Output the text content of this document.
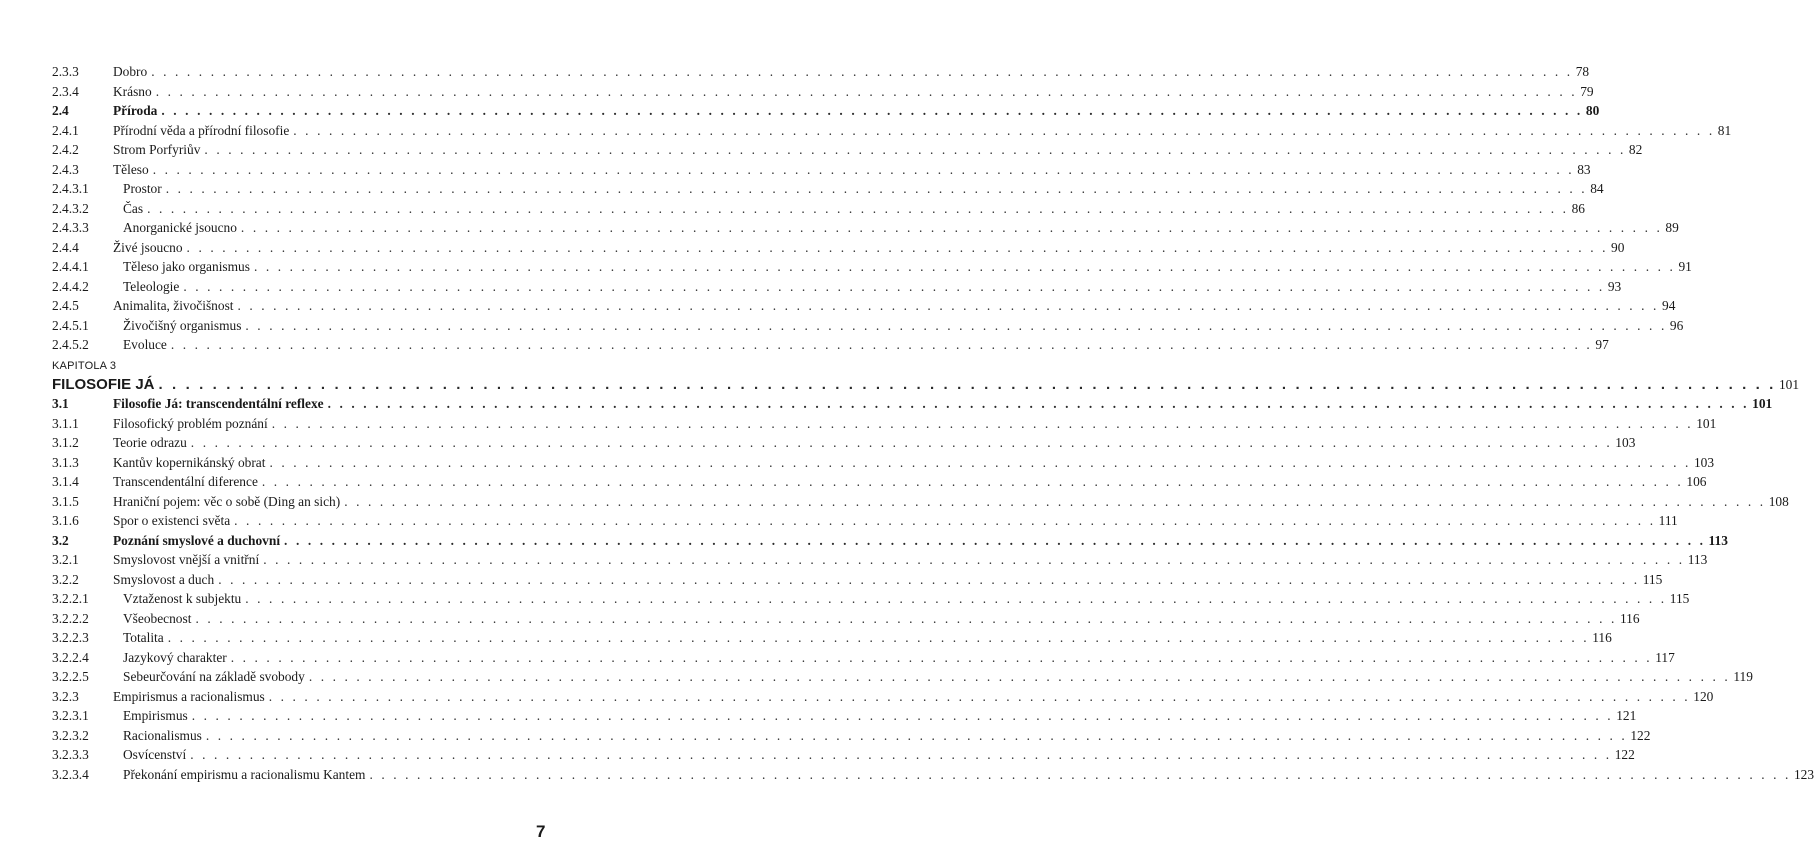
2.3.3	Dobro . . . . . . . . . . . . . . . . . . . . . . . . . . . . . . . . . . . . . . . . . . . . . . . . . . . . . . . . . . . . . . . . . . . . . . . . . . . . . . . . . . . . . . . . . . . . . . . . . . . . . . . . . . . . . . . . . . . . . . . . 78
2.3.4	Krásno . . . . . . . . . . . . . . . . . . . . . . . . . . . . . . . . . . . . . . . . . . . . . . . . . . . . . . . . . . . . . . . . . . . . . . . . . . . . . . . . . . . . . . . . . . . . . . . . . . . . . . . . . . . . . . . . . . . . . . . . 79
2.4	Příroda . . . . . . . . . . . . . . . . . . . . . . . . . . . . . . . . . . . . . . . . . . . . . . . . . . . . . . . . . . . . . . . . . . . . . . . . . . . . . . . . . . . . . . . . . . . . . . . . . . . . . . . . . . . . . . . . . . . . . . . . 80
2.4.1	Přírodní věda a přírodní filosofie . . . . . . . . . . . . . . . . . . . . . . . . . . . . . . . . . . . . . . . . . . . . . . . . . . . . . . . . . . . . . . . . . . . . . . . . . . . . . . . . . . . . . . . . . . . . . . . . . . . . . . . . . . . . . . . . . . . . . . . . 81
2.4.2	Strom Porfyriův . . . . . . . . . . . . . . . . . . . . . . . . . . . . . . . . . . . . . . . . . . . . . . . . . . . . . . . . . . . . . . . . . . . . . . . . . . . . . . . . . . . . . . . . . . . . . . . . . . . . . . . . . . . . . . . . . . . . . . . . 82
2.4.3	Těleso . . . . . . . . . . . . . . . . . . . . . . . . . . . . . . . . . . . . . . . . . . . . . . . . . . . . . . . . . . . . . . . . . . . . . . . . . . . . . . . . . . . . . . . . . . . . . . . . . . . . . . . . . . . . . . . . . . . . . . . . 83
2.4.3.1	Prostor . . . . . . . . . . . . . . . . . . . . . . . . . . . . . . . . . . . . . . . . . . . . . . . . . . . . . . . . . . . . . . . . . . . . . . . . . . . . . . . . . . . . . . . . . . . . . . . . . . . . . . . . . . . . . . . . . . . . . . . . 84
2.4.3.2	Čas . . . . . . . . . . . . . . . . . . . . . . . . . . . . . . . . . . . . . . . . . . . . . . . . . . . . . . . . . . . . . . . . . . . . . . . . . . . . . . . . . . . . . . . . . . . . . . . . . . . . . . . . . . . . . . . . . . . . . . . . 86
2.4.3.3	Anorganické jsoucno . . . . . . . . . . . . . . . . . . . . . . . . . . . . . . . . . . . . . . . . . . . . . . . . . . . . . . . . . . . . . . . . . . . . . . . . . . . . . . . . . . . . . . . . . . . . . . . . . . . . . . . . . . . . . . . . . . . . . . . . 89
2.4.4	Živé jsoucno . . . . . . . . . . . . . . . . . . . . . . . . . . . . . . . . . . . . . . . . . . . . . . . . . . . . . . . . . . . . . . . . . . . . . . . . . . . . . . . . . . . . . . . . . . . . . . . . . . . . . . . . . . . . . . . . . . . . . . . . 90
2.4.4.1	Těleso jako organismus . . . . . . . . . . . . . . . . . . . . . . . . . . . . . . . . . . . . . . . . . . . . . . . . . . . . . . . . . . . . . . . . . . . . . . . . . . . . . . . . . . . . . . . . . . . . . . . . . . . . . . . . . . . . . . . . . . . . . . . . 91
2.4.4.2	Teleologie . . . . . . . . . . . . . . . . . . . . . . . . . . . . . . . . . . . . . . . . . . . . . . . . . . . . . . . . . . . . . . . . . . . . . . . . . . . . . . . . . . . . . . . . . . . . . . . . . . . . . . . . . . . . . . . . . . . . . . . . 93
2.4.5	Animalita, živočišnost . . . . . . . . . . . . . . . . . . . . . . . . . . . . . . . . . . . . . . . . . . . . . . . . . . . . . . . . . . . . . . . . . . . . . . . . . . . . . . . . . . . . . . . . . . . . . . . . . . . . . . . . . . . . . . . . . . . . . . . . 94
2.4.5.1	Živočišný organismus . . . . . . . . . . . . . . . . . . . . . . . . . . . . . . . . . . . . . . . . . . . . . . . . . . . . . . . . . . . . . . . . . . . . . . . . . . . . . . . . . . . . . . . . . . . . . . . . . . . . . . . . . . . . . . . . . . . . . . . . 96
2.4.5.2	Evoluce . . . . . . . . . . . . . . . . . . . . . . . . . . . . . . . . . . . . . . . . . . . . . . . . . . . . . . . . . . . . . . . . . . . . . . . . . . . . . . . . . . . . . . . . . . . . . . . . . . . . . . . . . . . . . . . . . . . . . . . . 97
FILOSOFIE JÁ . . . . . . . . . . . . . . . . . . . . . . . . . . . . . . . . . . . . . . . . . . . . . . . . . . . . . . . . . . . . . . . . . . . . . . . . . . . . . . . . . . . . . . . . . . . . . . . . . . . . . . . . . . . . . . . . . . . . . . . . 101
3.1	Filosofie Já: transcendentální reflexe . . . . . . . . . . . . . . . . . . . . . . . . . . . . . . . . . . . . . . . . . . . . . . . . . . . . . . . . . . . . . . . . . . . . . . . . . . . . . . . . . . . . . . . . . . . . . . . . . . . . . . . . . . . . . . . . . . . . . . . . 101
3.1.1	Filosofický problém poznání . . . . . . . . . . . . . . . . . . . . . . . . . . . . . . . . . . . . . . . . . . . . . . . . . . . . . . . . . . . . . . . . . . . . . . . . . . . . . . . . . . . . . . . . . . . . . . . . . . . . . . . . . . . . . . . . . . . . . . . . 101
3.1.2	Teorie odrazu . . . . . . . . . . . . . . . . . . . . . . . . . . . . . . . . . . . . . . . . . . . . . . . . . . . . . . . . . . . . . . . . . . . . . . . . . . . . . . . . . . . . . . . . . . . . . . . . . . . . . . . . . . . . . . . . . . . . . . . . 103
3.1.3	Kantův kopernikánský obrat . . . . . . . . . . . . . . . . . . . . . . . . . . . . . . . . . . . . . . . . . . . . . . . . . . . . . . . . . . . . . . . . . . . . . . . . . . . . . . . . . . . . . . . . . . . . . . . . . . . . . . . . . . . . . . . . . . . . . . . . 103
3.1.4	Transcendentální diference . . . . . . . . . . . . . . . . . . . . . . . . . . . . . . . . . . . . . . . . . . . . . . . . . . . . . . . . . . . . . . . . . . . . . . . . . . . . . . . . . . . . . . . . . . . . . . . . . . . . . . . . . . . . . . . . . . . . . . . . 106
3.1.5	Hraniční pojem: věc o sobě (Ding an sich) . . . . . . . . . . . . . . . . . . . . . . . . . . . . . . . . . . . . . . . . . . . . . . . . . . . . . . . . . . . . . . . . . . . . . . . . . . . . . . . . . . . . . . . . . . . . . . . . . . . . . . . . . . . . . . . . . . . . . . . . 108
3.1.6	Spor o existenci světa . . . . . . . . . . . . . . . . . . . . . . . . . . . . . . . . . . . . . . . . . . . . . . . . . . . . . . . . . . . . . . . . . . . . . . . . . . . . . . . . . . . . . . . . . . . . . . . . . . . . . . . . . . . . . . . . . . . . . . . . 111
3.2	Poznání smyslové a duchovní . . . . . . . . . . . . . . . . . . . . . . . . . . . . . . . . . . . . . . . . . . . . . . . . . . . . . . . . . . . . . . . . . . . . . . . . . . . . . . . . . . . . . . . . . . . . . . . . . . . . . . . . . . . . . . . . . . . . . . . . 113
3.2.1	Smyslovost vnější a vnitřní . . . . . . . . . . . . . . . . . . . . . . . . . . . . . . . . . . . . . . . . . . . . . . . . . . . . . . . . . . . . . . . . . . . . . . . . . . . . . . . . . . . . . . . . . . . . . . . . . . . . . . . . . . . . . . . . . . . . . . . . 113
3.2.2	Smyslovost a duch . . . . . . . . . . . . . . . . . . . . . . . . . . . . . . . . . . . . . . . . . . . . . . . . . . . . . . . . . . . . . . . . . . . . . . . . . . . . . . . . . . . . . . . . . . . . . . . . . . . . . . . . . . . . . . . . . . . . . . . . 115
3.2.2.1	Vztaženost k subjektu . . . . . . . . . . . . . . . . . . . . . . . . . . . . . . . . . . . . . . . . . . . . . . . . . . . . . . . . . . . . . . . . . . . . . . . . . . . . . . . . . . . . . . . . . . . . . . . . . . . . . . . . . . . . . . . . . . . . . . . . 115
3.2.2.2	Všeobecnost . . . . . . . . . . . . . . . . . . . . . . . . . . . . . . . . . . . . . . . . . . . . . . . . . . . . . . . . . . . . . . . . . . . . . . . . . . . . . . . . . . . . . . . . . . . . . . . . . . . . . . . . . . . . . . . . . . . . . . . . 116
3.2.2.3	Totalita . . . . . . . . . . . . . . . . . . . . . . . . . . . . . . . . . . . . . . . . . . . . . . . . . . . . . . . . . . . . . . . . . . . . . . . . . . . . . . . . . . . . . . . . . . . . . . . . . . . . . . . . . . . . . . . . . . . . . . . . 116
3.2.2.4	Jazykový charakter . . . . . . . . . . . . . . . . . . . . . . . . . . . . . . . . . . . . . . . . . . . . . . . . . . . . . . . . . . . . . . . . . . . . . . . . . . . . . . . . . . . . . . . . . . . . . . . . . . . . . . . . . . . . . . . . . . . . . . . . 117
3.2.2.5	Sebeurčování na základě svobody . . . . . . . . . . . . . . . . . . . . . . . . . . . . . . . . . . . . . . . . . . . . . . . . . . . . . . . . . . . . . . . . . . . . . . . . . . . . . . . . . . . . . . . . . . . . . . . . . . . . . . . . . . . . . . . . . . . . . . . . 119
3.2.3	Empirismus a racionalismus . . . . . . . . . . . . . . . . . . . . . . . . . . . . . . . . . . . . . . . . . . . . . . . . . . . . . . . . . . . . . . . . . . . . . . . . . . . . . . . . . . . . . . . . . . . . . . . . . . . . . . . . . . . . . . . . . . . . . . . . 120
3.2.3.1	Empirismus . . . . . . . . . . . . . . . . . . . . . . . . . . . . . . . . . . . . . . . . . . . . . . . . . . . . . . . . . . . . . . . . . . . . . . . . . . . . . . . . . . . . . . . . . . . . . . . . . . . . . . . . . . . . . . . . . . . . . . . . 121
3.2.3.2	Racionalismus . . . . . . . . . . . . . . . . . . . . . . . . . . . . . . . . . . . . . . . . . . . . . . . . . . . . . . . . . . . . . . . . . . . . . . . . . . . . . . . . . . . . . . . . . . . . . . . . . . . . . . . . . . . . . . . . . . . . . . . . 122
3.2.3.3	Osvícenství . . . . . . . . . . . . . . . . . . . . . . . . . . . . . . . . . . . . . . . . . . . . . . . . . . . . . . . . . . . . . . . . . . . . . . . . . . . . . . . . . . . . . . . . . . . . . . . . . . . . . . . . . . . . . . . . . . . . . . . . 122
3.2.3.4	Překonání empirismu a racionalismu Kantem . . . . . . . . . . . . . . . . . . . . . . . . . . . . . . . . . . . . . . . . . . . . . . . . . . . . . . . . . . . . . . . . . . . . . . . . . . . . . . . . . . . . . . . . . . . . . . . . . . . . . . . . . . . . . . . . . . . . . . . . 123
KAPITOLA 3
7
